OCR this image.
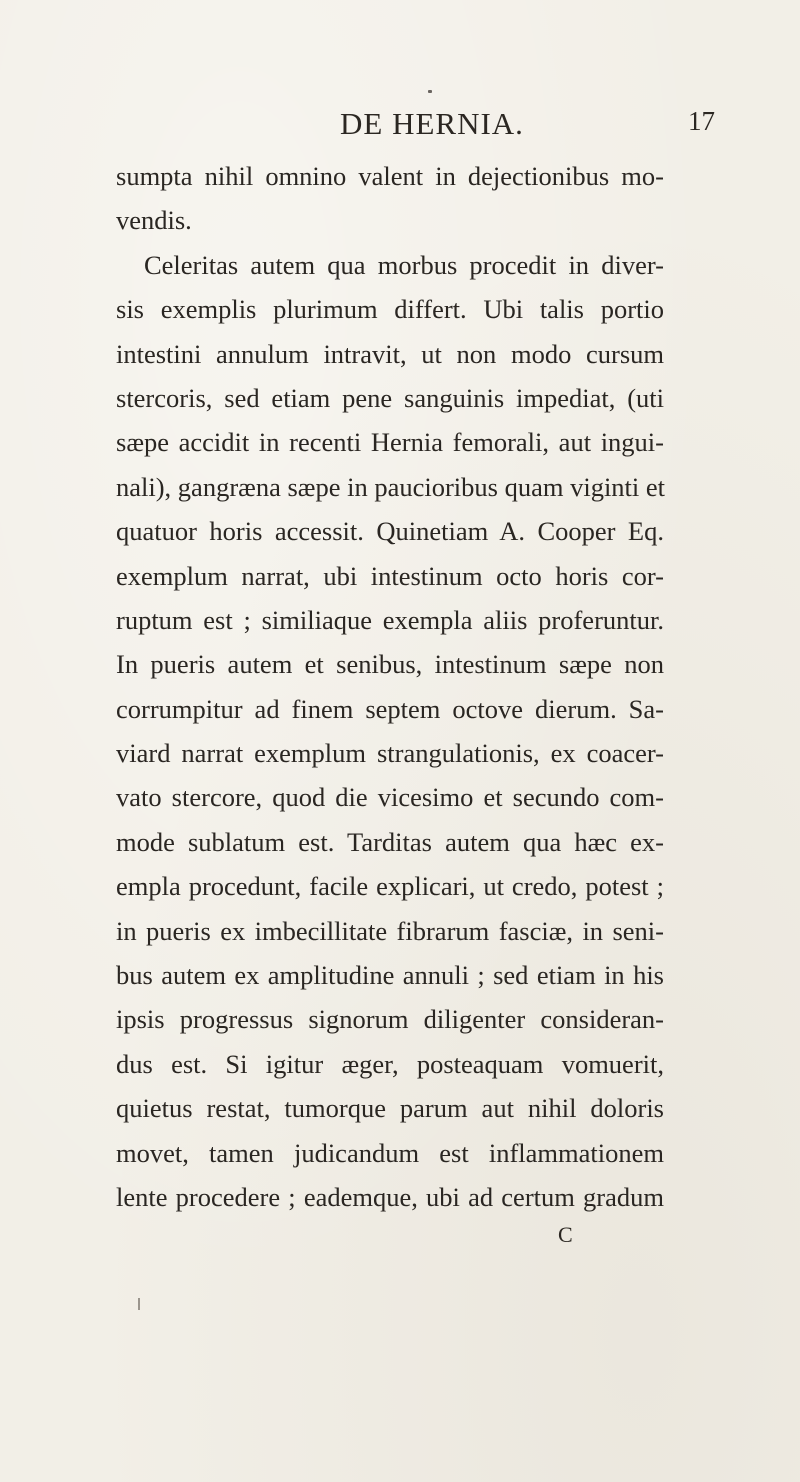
DE HERNIA.	17
sumpta nihil omnino valent in dejectionibus mo-
vendis.
Celeritas autem qua morbus procedit in diver-
sis exemplis plurimum differt. Ubi talis portio
intestini annulum intravit, ut non modo cursum
stercoris, sed etiam pene sanguinis impediat, (uti
sæpe accidit in recenti Hernia femorali, aut ingui-
nali), gangræna sæpe in paucioribus quam viginti et
quatuor horis accessit. Quinetiam A. Cooper Eq.
exemplum narrat, ubi intestinum octo horis cor-
ruptum est ; similiaque exempla aliis proferuntur.
In pueris autem et senibus, intestinum sæpe non
corrumpitur ad finem septem octove dierum. Sa-
viard narrat exemplum strangulationis, ex coacer-
vato stercore, quod die vicesimo et secundo com-
mode sublatum est. Tarditas autem qua hæc ex-
empla procedunt, facile explicari, ut credo, potest ;
in pueris ex imbecillitate fibrarum fasciæ, in seni-
bus autem ex amplitudine annuli ; sed etiam in his
ipsis progressus signorum diligenter consideran-
dus est. Si igitur æger, posteaquam vomuerit,
quietus restat, tumorque parum aut nihil doloris
movet, tamen judicandum est inflammationem
lente procedere ; eademque, ubi ad certum gradum
C
